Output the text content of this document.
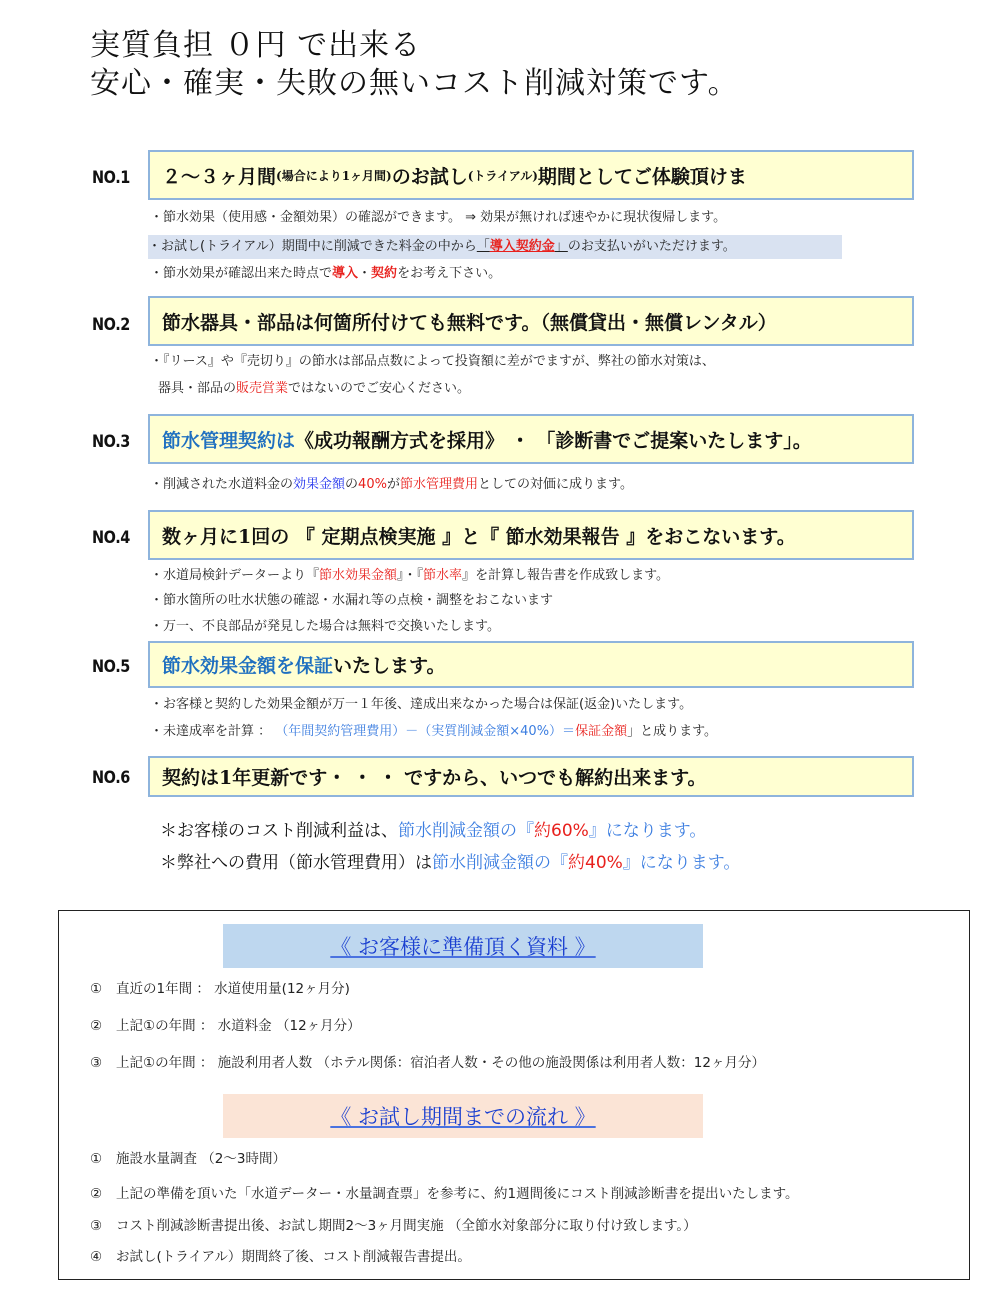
実質負担 ０円 で出来る
安心・確実・失敗の無いコスト削減対策です。
NO.1 ２～３ヶ月間 (場合により1ヶ月間) のお試し (トライアル) 期間としてご体験頂けま
・節水効果（使用感・金額効果）の確認ができます。 ⇒ 効果が無ければ速やかに現状復帰します。
・お試し(トライアル）期間中に削減できた料金の中から「導入契約金」のお支払いがいただけます。
・節水効果が確認出来た時点で導入・契約をお考え下さい。
NO.2	節水器具・部品は何箇所付けても無料です。（無償貸出・無償レンタル）
・『リース』や『売切り』の節水は部品点数によって投資額に差がでますが、弊社の節水対策は、
器具・部品の販売営業ではないのでご安心ください。
NO.3 節水管理契約は 《成功報酬方式を採用》 ・ 「診断書でご提案いたします」。
・削減された水道料金の効果金額の40%が節水管理費用としての対価に成ります。
NO.4	数ヶ月に1回の 『 定期点検実施 』と『 節水効果報告 』をおこないます。
・水道局検針データーより『節水効果金額』・『節水率』を計算し報告書を作成致します。
・節水箇所の吐水状態の確認・水漏れ等の点検・調整をおこないます
・万一、不良部品が発見した場合は無料で交換いたします。
NO.5 節水効果金額を保証 いたします。
・お客様と契約した効果金額が万一１年後、達成出来なかった場合は保証(返金)いたします。
・未達成率を計算 ： （年間契約管理費用）－（実質削減金額×40%）＝保証金額」と成ります。
NO.6	契約は1年更新です・ ・ ・ ですから、いつでも解約出来ます。
＊お客様のコスト削減利益は、節水削減金額の『約60%』になります。
＊弊社への費用（節水管理費用）は節水削減金額の『約40%』になります。
《 お客様に準備頂く資料 》
① 直近の1年間 ： 水道使用量(12ヶ月分)
② 上記①の年間 ： 水道料金 （12ヶ月分）
③ 上記①の年間 ： 施設利用者人数 （ホテル関係：宿泊者人数・その他の施設関係は利用者人数：12ヶ月分）
《 お試し期間までの流れ 》
① 施設水量調査 （2～3時間）
② 上記の準備を頂いた「水道データー・水量調査票」を参考に、約1週間後にコスト削減診断書を提出いたします。
③ コスト削減診断書提出後、お試し期間2～3ヶ月間実施 （全節水対象部分に取り付け致します。）
④ お試し(トライアル）期間終了後、コスト削減報告書提出。
